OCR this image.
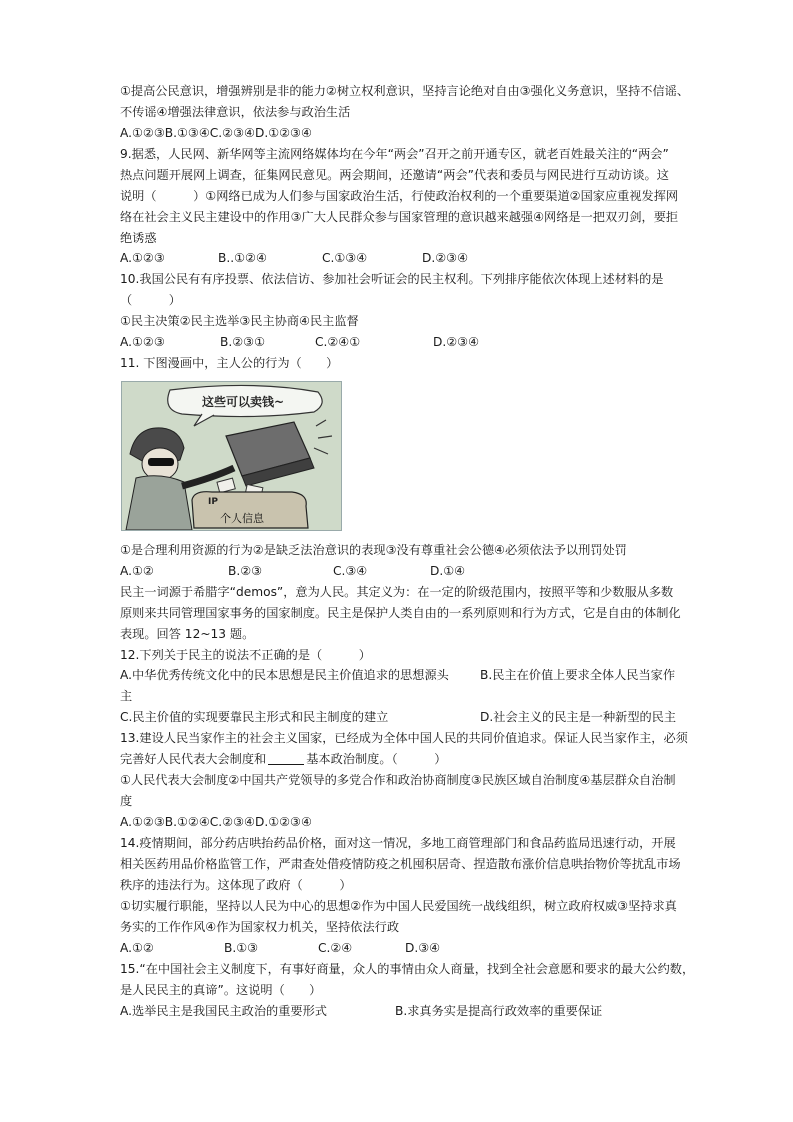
①提高公民意识，增强辨别是非的能力②树立权利意识，坚持言论绝对自由③强化义务意识，坚持不信谣、
不传谣④增强法律意识，依法参与政治生活
A.①②③B.①③④C.②③④D.①②③④
9.据悉，人民网、新华网等主流网络媒体均在今年“两会”召开之前开通专区，就老百姓最关注的“两会”
热点问题开展网上调查，征集网民意见。两会期间，还邀请“两会”代表和委员与网民进行互动访谈。这
说明（　　　）①网络已成为人们参与国家政治生活，行使政治权利的一个重要渠道②国家应重视发挥网
络在社会主义民主建设中的作用③广大人民群众参与国家管理的意识越来越强④网络是一把双刃剑，要拒
绝诱惑
A.①②③	B..①②④	C.①③④	D.②③④
10.我国公民有有序投票、依法信访、参加社会听证会的民主权利。下列排序能依次体现上述材料的是
（　　　）
①民主决策②民主选举③民主协商④民主监督
A.①②③	B.②③①	C.②④①	D.②③④
11. 下图漫画中，主人公的行为（　　）
这些可以卖钱~
IP
个人信息
①是合理利用资源的行为②是缺乏法治意识的表现③没有尊重社会公德④必须依法予以刑罚处罚
A.①②	B.②③	C.③④	D.①④
民主一词源于希腊字“demos”，意为人民。其定义为：在一定的阶级范围内，按照平等和少数服从多数
原则来共同管理国家事务的国家制度。民主是保护人类自由的一系列原则和行为方式，它是自由的体制化
表现。回答 12~13 题。
12.下列关于民主的说法不正确的是（　　　）
A.中华优秀传统文化中的民本思想是民主价值追求的思想源头	B.民主在价值上要求全体人民当家作
主
C.民主价值的实现要靠民主形式和民主制度的建立	D.社会主义的民主是一种新型的民主
13.建设人民当家作主的社会主义国家，已经成为全体中国人民的共同价值追求。保证人民当家作主，必须
完善好人民代表大会制度和	基本政治制度。（　　　）
①人民代表大会制度②中国共产党领导的多党合作和政治协商制度③民族区域自治制度④基层群众自治制
度
A.①②③B.①②④C.②③④D.①②③④
14.疫情期间，部分药店哄抬药品价格，面对这一情况，多地工商管理部门和食品药监局迅速行动，开展
相关医药用品价格监管工作，严肃查处借疫情防疫之机囤积居奇、捏造散布涨价信息哄抬物价等扰乱市场
秩序的违法行为。这体现了政府（　　　）
①切实履行职能，坚持以人民为中心的思想②作为中国人民爱国统一战线组织，树立政府权威③坚持求真
务实的工作作风④作为国家权力机关，坚持依法行政
A.①②	B.①③	C.②④	D.③④
15.“在中国社会主义制度下，有事好商量，众人的事情由众人商量，找到全社会意愿和要求的最大公约数，
是人民民主的真谛”。这说明（　　）
A.选举民主是我国民主政治的重要形式	B.求真务实是提高行政效率的重要保证
